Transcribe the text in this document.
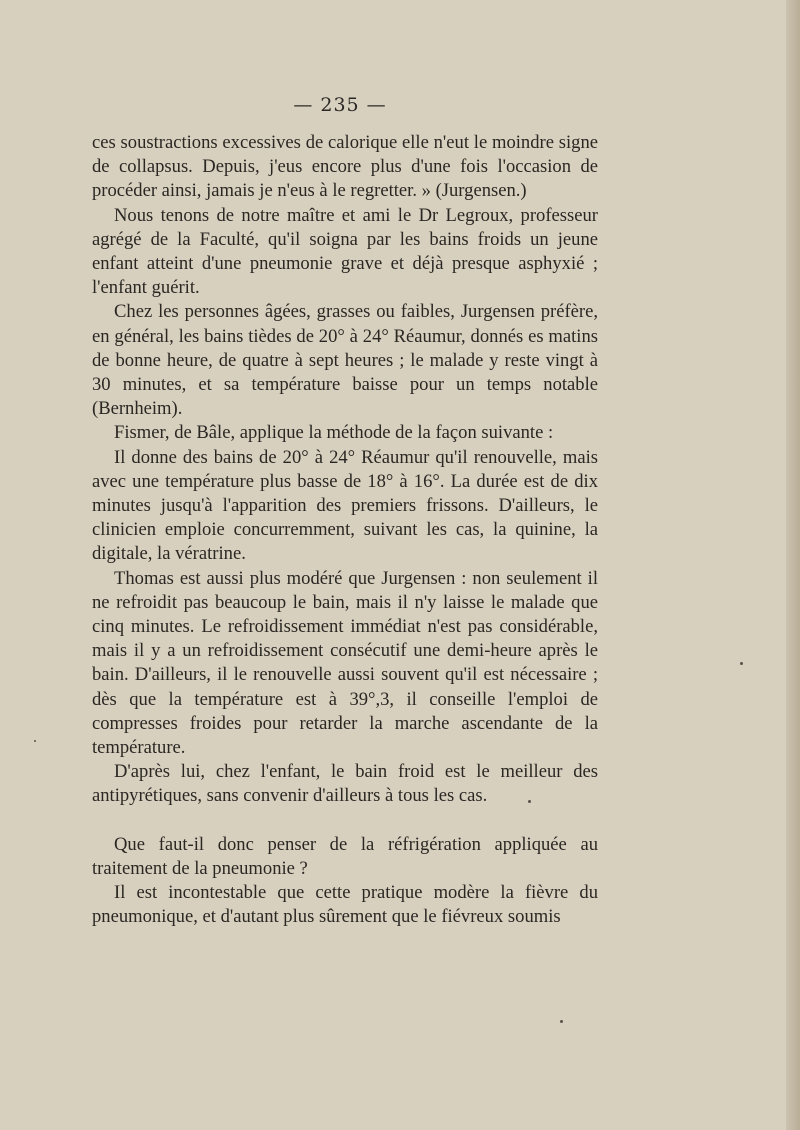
— 235 —

ces soustractions excessives de calorique elle n'eut le moindre signe de collapsus. Depuis, j'eus encore plus d'une fois l'occasion de procéder ainsi, jamais je n'eus à le regretter. » (Jurgensen.)

Nous tenons de notre maître et ami le Dr Legroux, professeur agrégé de la Faculté, qu'il soigna par les bains froids un jeune enfant atteint d'une pneumonie grave et déjà presque asphyxié ; l'enfant guérit.

Chez les personnes âgées, grasses ou faibles, Jurgensen préfère, en général, les bains tièdes de 20° à 24° Réaumur, donnés es matins de bonne heure, de quatre à sept heures ; le malade y reste vingt à 30 minutes, et sa température baisse pour un temps notable (Bernheim).

Fismer, de Bâle, applique la méthode de la façon suivante :

Il donne des bains de 20° à 24° Réaumur qu'il renouvelle, mais avec une température plus basse de 18° à 16°. La durée est de dix minutes jusqu'à l'apparition des premiers frissons. D'ailleurs, le clinicien emploie concurremment, suivant les cas, la quinine, la digitale, la vératrine.

Thomas est aussi plus modéré que Jurgensen : non seulement il ne refroidit pas beaucoup le bain, mais il n'y laisse le malade que cinq minutes. Le refroidissement immédiat n'est pas considérable, mais il y a un refroidissement consécutif une demi-heure après le bain. D'ailleurs, il le renouvelle aussi souvent qu'il est nécessaire ; dès que la température est à 39°,3, il conseille l'emploi de compresses froides pour retarder la marche ascendante de la température.

D'après lui, chez l'enfant, le bain froid est le meilleur des antipyrétiques, sans convenir d'ailleurs à tous les cas.

Que faut-il donc penser de la réfrigération appliquée au traitement de la pneumonie ?

Il est incontestable que cette pratique modère la fièvre du pneumonique, et d'autant plus sûrement que le fiévreux soumis
